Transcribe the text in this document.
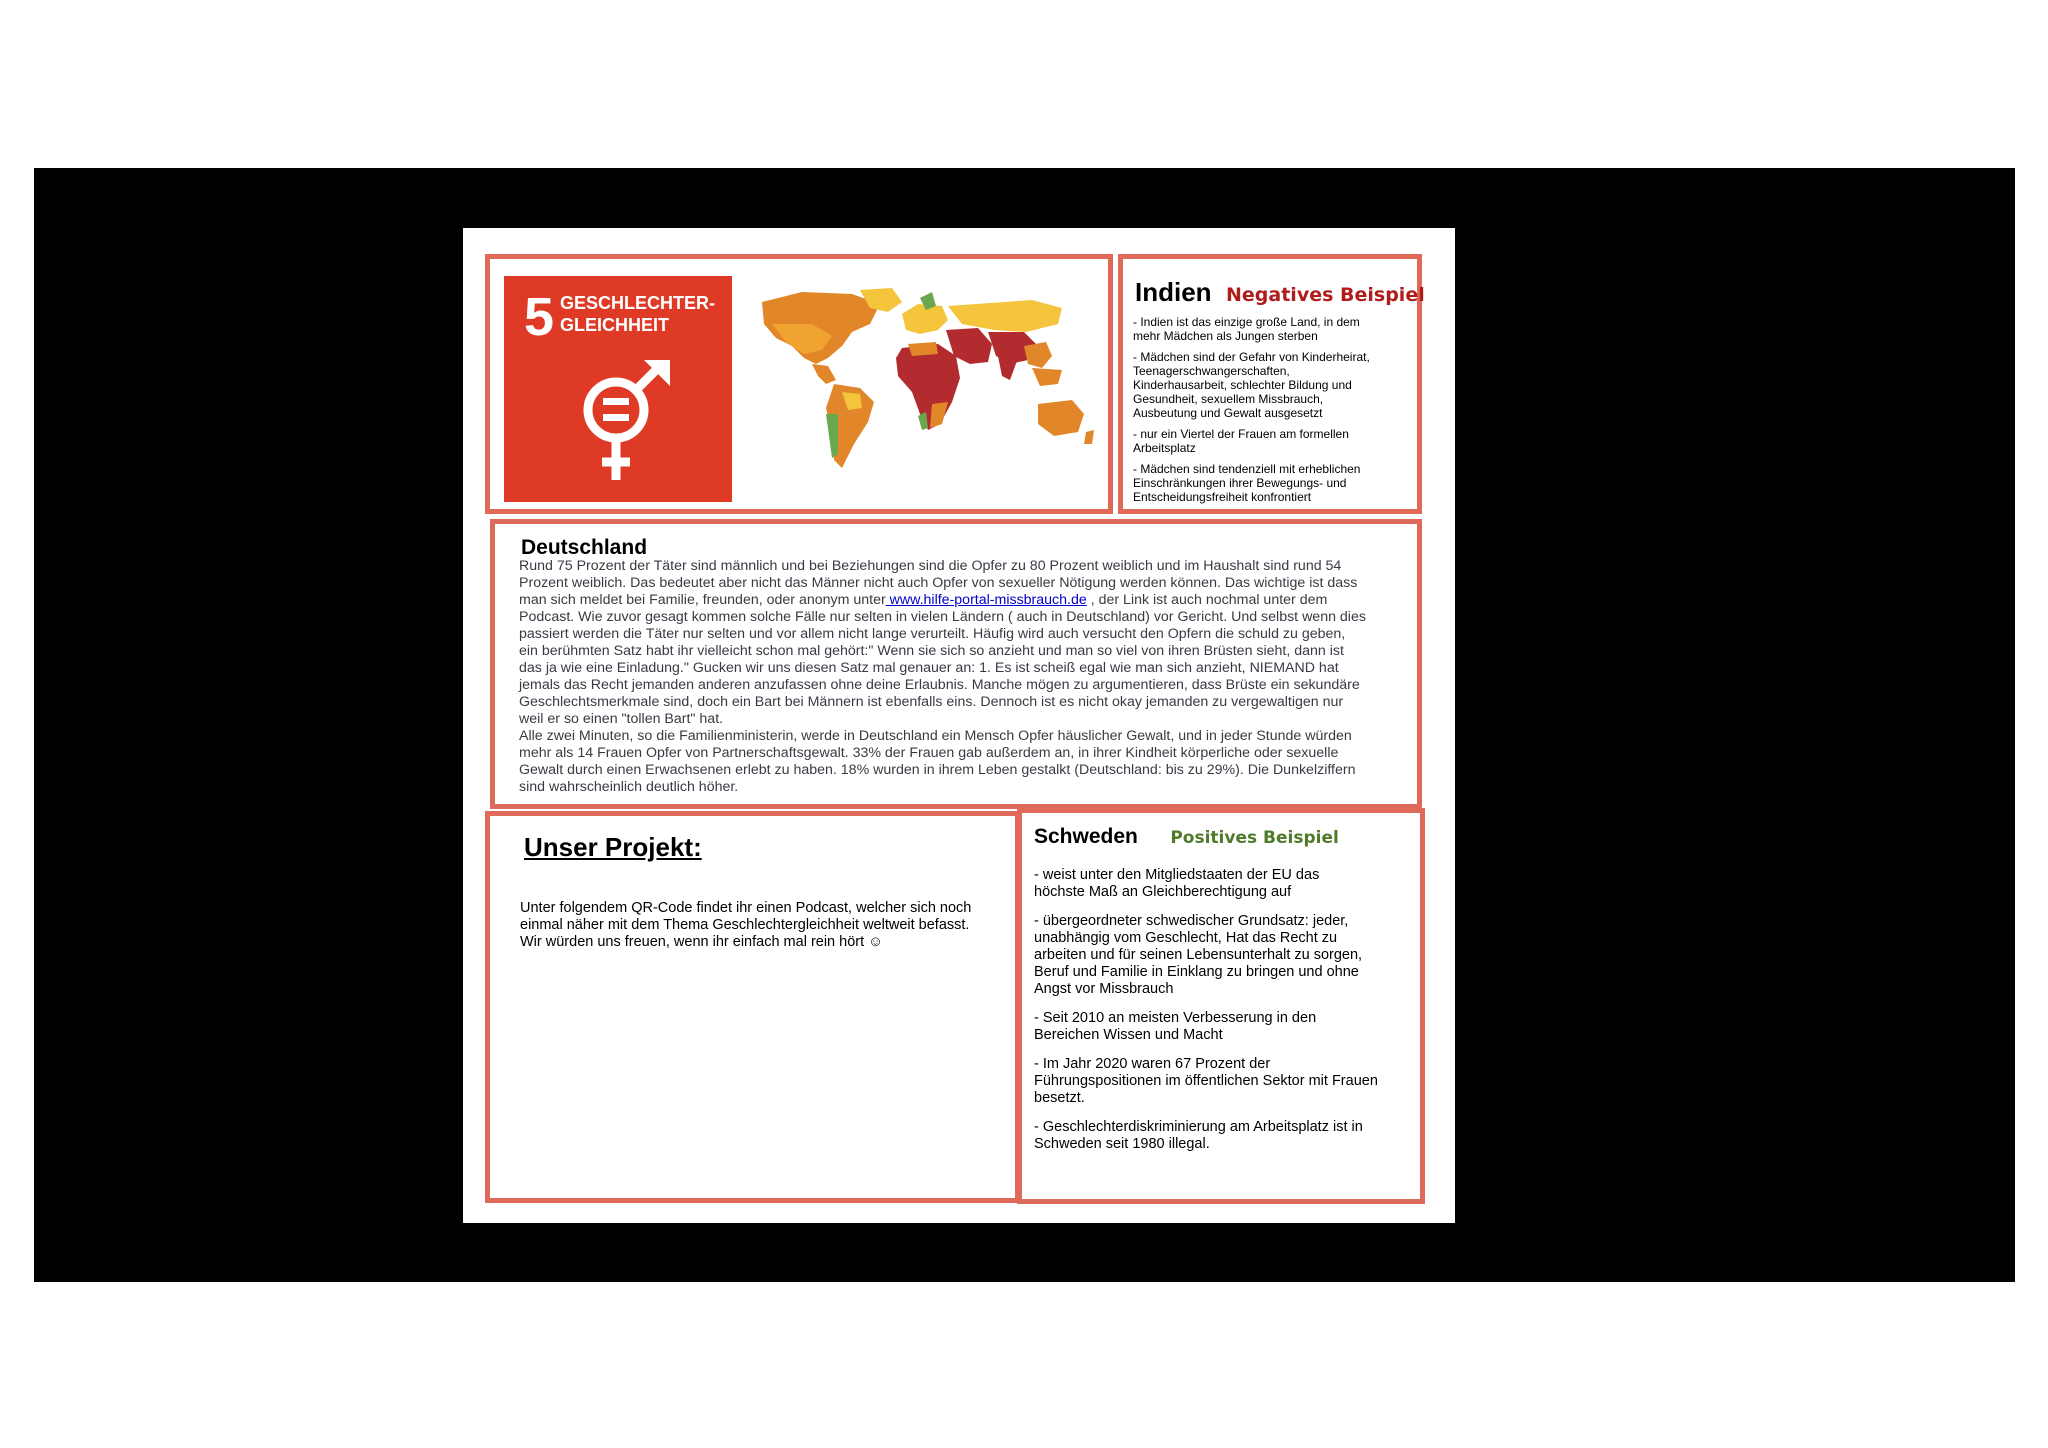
5 GESCHLECHTER-
GLEICHHEIT
Indien Negatives Beispiel
- Indien ist das einzige große Land, in dem
mehr Mädchen als Jungen sterben
- Mädchen sind der Gefahr von Kinderheirat,
Teenagerschwangerschaften,
Kinderhausarbeit, schlechter Bildung und
Gesundheit, sexuellem Missbrauch,
Ausbeutung und Gewalt ausgesetzt
- nur ein Viertel der Frauen am formellen
Arbeitsplatz
- Mädchen sind tendenziell mit erheblichen
Einschränkungen ihrer Bewegungs- und
Entscheidungsfreiheit konfrontiert
Deutschland
Rund 75 Prozent der Täter sind männlich und bei Beziehungen sind die Opfer zu 80 Prozent weiblich und im Haushalt sind rund 54
Prozent weiblich. Das bedeutet aber nicht das Männer nicht auch Opfer von sexueller Nötigung werden können. Das wichtige ist dass
man sich meldet bei Familie, freunden, oder anonym unter www.hilfe-portal-missbrauch.de , der Link ist auch nochmal unter dem
Podcast. Wie zuvor gesagt kommen solche Fälle nur selten in vielen Ländern ( auch in Deutschland) vor Gericht. Und selbst wenn dies
passiert werden die Täter nur selten und vor allem nicht lange verurteilt. Häufig wird auch versucht den Opfern die schuld zu geben,
ein berühmten Satz habt ihr vielleicht schon mal gehört:" Wenn sie sich so anzieht und man so viel von ihren Brüsten sieht, dann ist
das ja wie eine Einladung." Gucken wir uns diesen Satz mal genauer an: 1. Es ist scheiß egal wie man sich anzieht, NIEMAND hat
jemals das Recht jemanden anderen anzufassen ohne deine Erlaubnis. Manche mögen zu argumentieren, dass Brüste ein sekundäre
Geschlechtsmerkmale sind, doch ein Bart bei Männern ist ebenfalls eins. Dennoch ist es nicht okay jemanden zu vergewaltigen nur
weil er so einen "tollen Bart" hat.
Alle zwei Minuten, so die Familienministerin, werde in Deutschland ein Mensch Opfer häuslicher Gewalt, und in jeder Stunde würden
mehr als 14 Frauen Opfer von Partnerschaftsgewalt. 33% der Frauen gab außerdem an, in ihrer Kindheit körperliche oder sexuelle
Gewalt durch einen Erwachsenen erlebt zu haben. 18% wurden in ihrem Leben gestalkt (Deutschland: bis zu 29%). Die Dunkelziffern
sind wahrscheinlich deutlich höher.
Unser Projekt:
Unter folgendem QR-Code findet ihr einen Podcast, welcher sich noch
einmal näher mit dem Thema Geschlechtergleichheit weltweit befasst.
Wir würden uns freuen, wenn ihr einfach mal rein hört ☺
Schweden Positives Beispiel
- weist unter den Mitgliedstaaten der EU das
höchste Maß an Gleichberechtigung auf
- übergeordneter schwedischer Grundsatz: jeder,
unabhängig vom Geschlecht, Hat das Recht zu
arbeiten und für seinen Lebensunterhalt zu sorgen,
Beruf und Familie in Einklang zu bringen und ohne
Angst vor Missbrauch
- Seit 2010 an meisten Verbesserung in den
Bereichen Wissen und Macht
- Im Jahr 2020 waren 67 Prozent der
Führungspositionen im öffentlichen Sektor mit Frauen
besetzt.
- Geschlechterdiskriminierung am Arbeitsplatz ist in
Schweden seit 1980 illegal.
